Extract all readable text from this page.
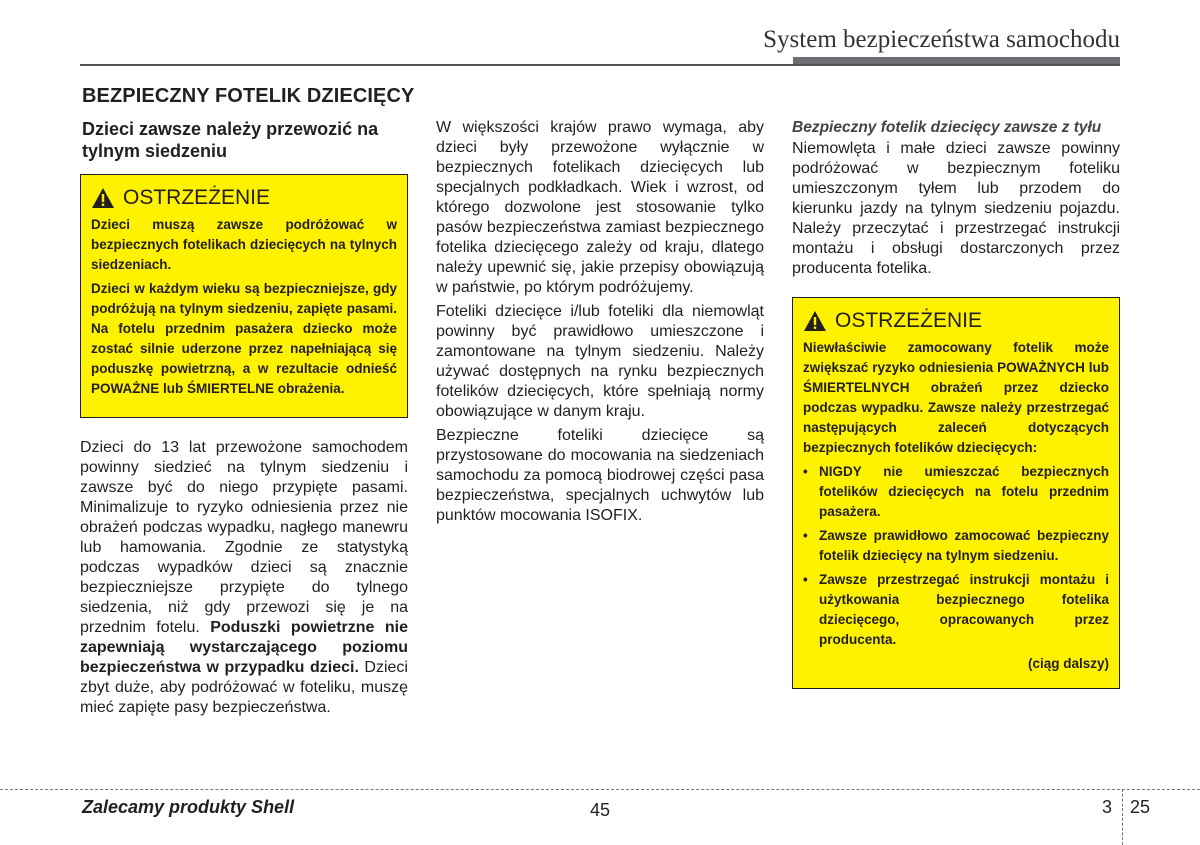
System bezpieczeństwa samochodu
BEZPIECZNY FOTELIK DZIECIĘCY
Dzieci zawsze należy przewozić na tylnym siedzeniu
OSTRZEŻENIE

Dzieci muszą zawsze podróżować w bezpiecznych fotelikach dziecięcych na tylnych siedzeniach.

Dzieci w każdym wieku są bezpieczniejsze, gdy podróżują na tylnym siedzeniu, zapięte pasami. Na fotelu przednim pasażera dziecko może zostać silnie uderzone przez napełniającą się poduszkę powietrzną, a w rezultacie odnieść POWAŻNE lub ŚMIERTELNE obrażenia.

Dzieci do 13 lat przewożone samochodem powinny siedzieć na tylnym siedzeniu i zawsze być do niego przypięte pasami. Minimalizuje to ryzyko odniesienia przez nie obrażeń podczas wypadku, nagłego manewru lub hamowania. Zgodnie ze statystyką podczas wypadków dzieci są znacznie bezpieczniejsze przypięte do tylnego siedzenia, niż gdy przewozi się je na przednim fotelu. Poduszki powietrzne nie zapewniają wystarczającego poziomu bezpieczeństwa w przypadku dzieci. Dzieci zbyt duże, aby podróżować w foteliku, muszę mieć zapięte pasy bezpieczeństwa.

W większości krajów prawo wymaga, aby dzieci były przewożone wyłącznie w bezpiecznych fotelikach dziecięcych lub specjalnych podkładkach. Wiek i wzrost, od którego dozwolone jest stosowanie tylko pasów bezpieczeństwa zamiast bezpiecznego fotelika dziecięcego zależy od kraju, dlatego należy upewnić się, jakie przepisy obowiązują w państwie, po którym podróżujemy.

Foteliki dziecięce i/lub foteliki dla niemowląt powinny być prawidłowo umieszczone i zamontowane na tylnym siedzeniu. Należy używać dostępnych na rynku bezpiecznych fotelików dziecięcych, które spełniają normy obowiązujące w danym kraju.

Bezpieczne foteliki dziecięce są przystosowane do mocowania na siedzeniach samochodu za pomocą biodrowej części pasa bezpieczeństwa, specjalnych uchwytów lub punktów mocowania ISOFIX.

Bezpieczny fotelik dziecięcy zawsze z tyłu

Niemowlęta i małe dzieci zawsze powinny podróżować w bezpiecznym foteliku umieszczonym tyłem lub przodem do kierunku jazdy na tylnym siedzeniu pojazdu. Należy przeczytać i przestrzegać instrukcji montażu i obsługi dostarczonych przez producenta fotelika.

OSTRZEŻENIE

Niewłaściwie zamocowany fotelik może zwiększać ryzyko odniesienia POWAŻNYCH lub ŚMIERTELNYCH obrażeń przez dziecko podczas wypadku. Zawsze należy przestrzegać następujących zaleceń dotyczących bezpiecznych fotelików dziecięcych:

• NIGDY nie umieszczać bezpiecznych fotelików dziecięcych na fotelu przednim pasażera.
• Zawsze prawidłowo zamocować bezpieczny fotelik dziecięcy na tylnym siedzeniu.
• Zawsze przestrzegać instrukcji montażu i użytkowania bezpiecznego fotelika dziecięcego, opracowanych przez producenta.
(ciąg dalszy)
Zalecamy produkty Shell	45	3 25
